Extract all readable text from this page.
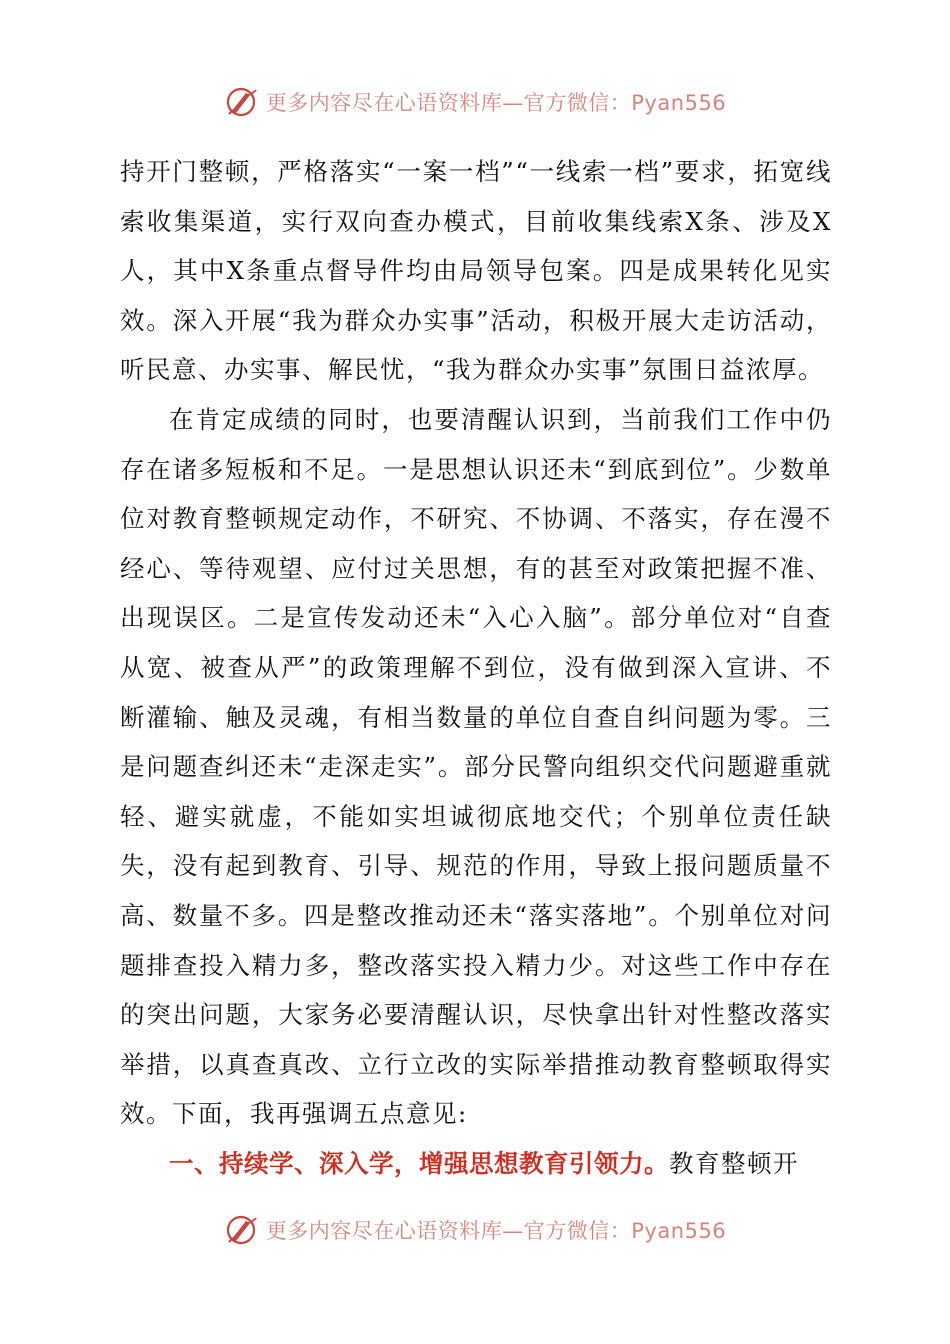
更多内容尽在心语资料库—官方微信：Pyan556

持开门整顿，严格落实“一案一档”“一线索一档”要求，拓宽线索收集渠道，实行双向查办模式，目前收集线索X条、涉及X人，其中X条重点督导件均由局领导包案。四是成果转化见实效。深入开展“我为群众办实事”活动，积极开展大走访活动，听民意、办实事、解民忧，“我为群众办实事”氛围日益浓厚。

在肯定成绩的同时，也要清醒认识到，当前我们工作中仍存在诸多短板和不足。一是思想认识还未“到底到位”。少数单位对教育整顿规定动作，不研究、不协调、不落实，存在漫不经心、等待观望、应付过关思想，有的甚至对政策把握不准、出现误区。二是宣传发动还未“入心入脑”。部分单位对“自查从宽、被查从严”的政策理解不到位，没有做到深入宣讲、不断灌输、触及灵魂，有相当数量的单位自查自纠问题为零。三是问题查纠还未“走深走实”。部分民警向组织交代问题避重就轻、避实就虚，不能如实坦诚彻底地交代；个别单位责任缺失，没有起到教育、引导、规范的作用，导致上报问题质量不高、数量不多。四是整改推动还未“落实落地”。个别单位对问题排查投入精力多，整改落实投入精力少。对这些工作中存在的突出问题，大家务必要清醒认识，尽快拿出针对性整改落实举措，以真查真改、立行立改的实际举措推动教育整顿取得实效。下面，我再强调五点意见:

一、持续学、深入学，增强思想教育引领力。教育整顿开

更多内容尽在心语资料库—官方微信：Pyan556
